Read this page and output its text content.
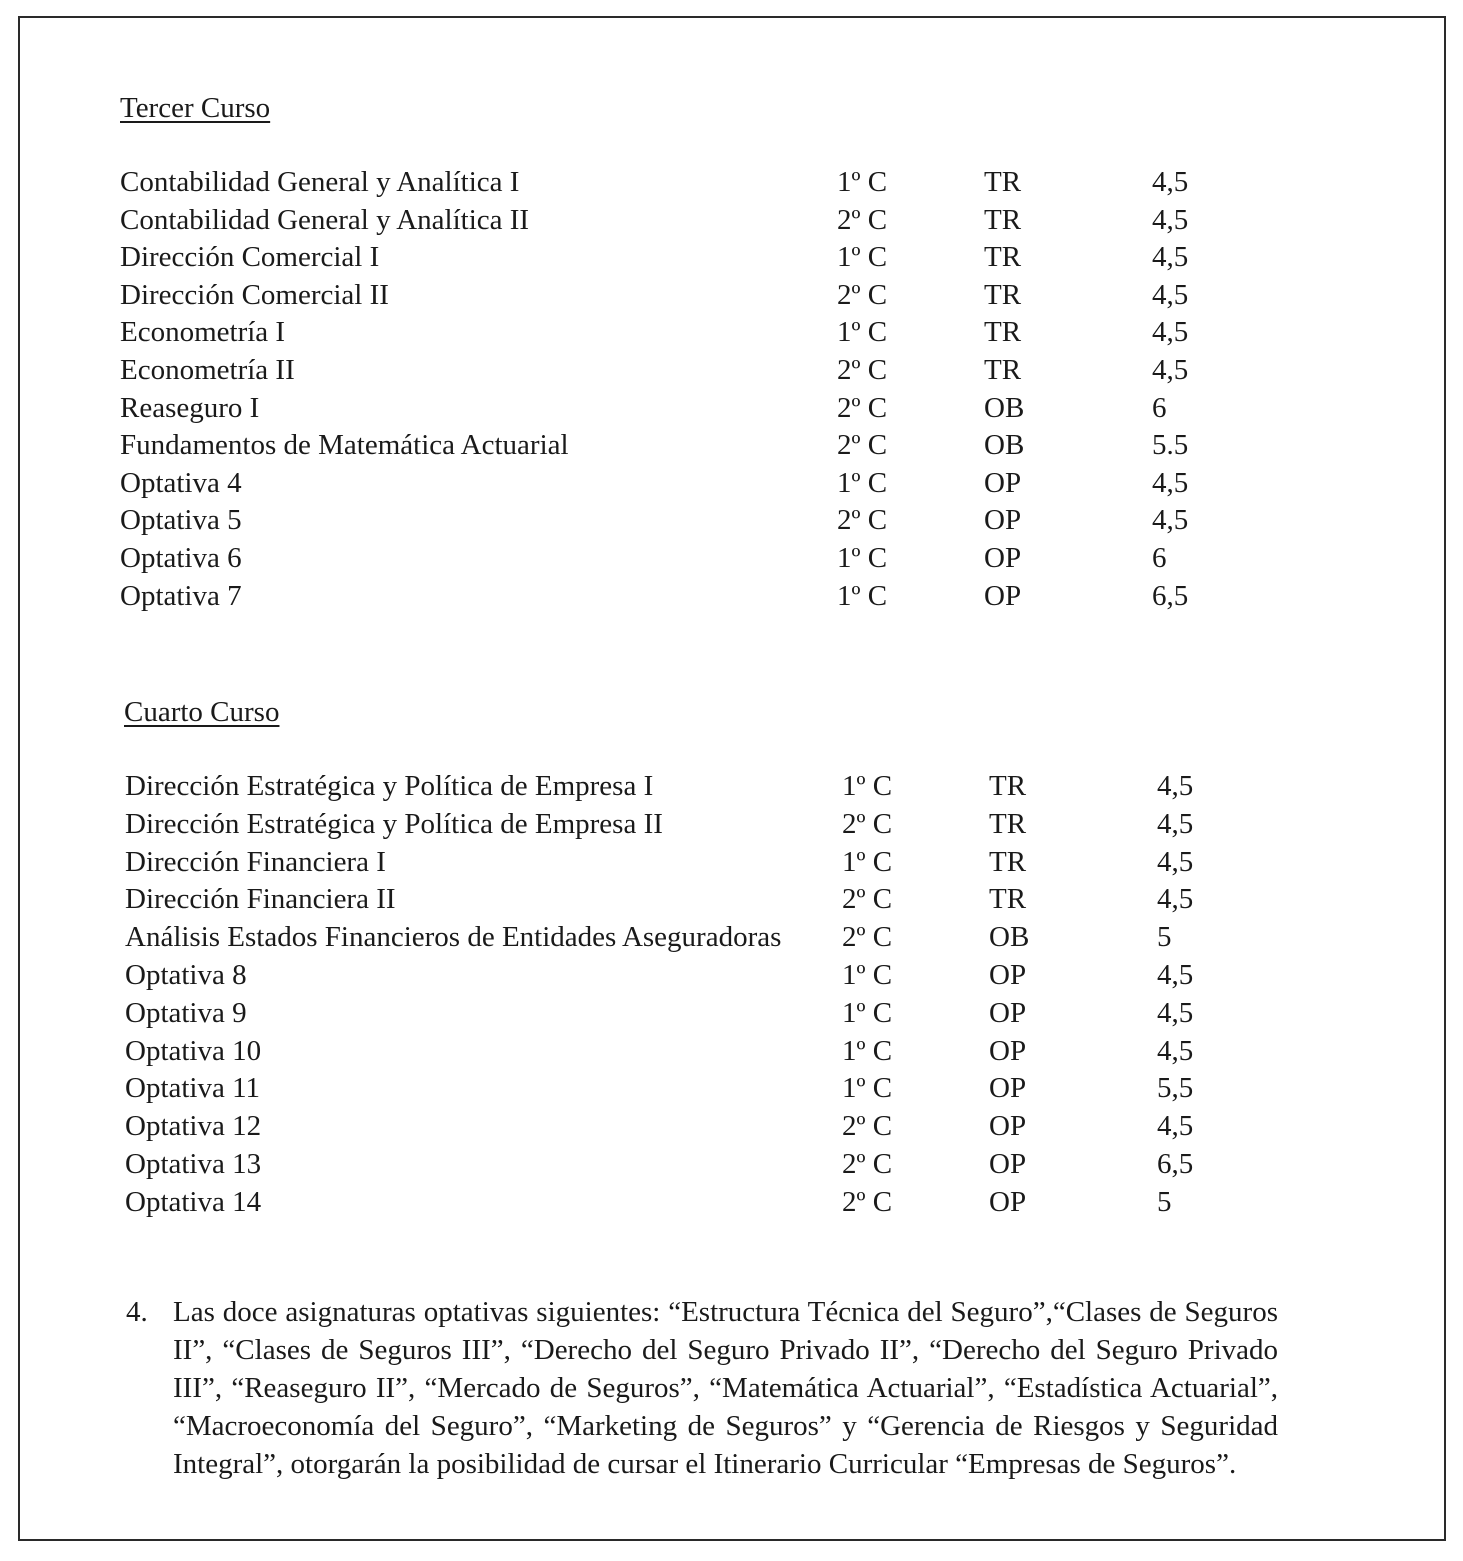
Tercer Curso
Contabilidad General y Analítica I	1º C	TR	4,5
Contabilidad General y Analítica II	2º C	TR	4,5
Dirección Comercial I	1º C	TR	4,5
Dirección Comercial II	2º C	TR	4,5
Econometría I	1º C	TR	4,5
Econometría II	2º C	TR	4,5
Reaseguro I	2º C	OB	6
Fundamentos de Matemática Actuarial	2º C	OB	5.5
Optativa 4	1º C	OP	4,5
Optativa 5	2º C	OP	4,5
Optativa 6	1º C	OP	6
Optativa 7	1º C	OP	6,5
Cuarto Curso
Dirección Estratégica y Política de Empresa I	1º C	TR	4,5
Dirección Estratégica y Política de Empresa II	2º C	TR	4,5
Dirección Financiera I	1º C	TR	4,5
Dirección Financiera II	2º C	TR	4,5
Análisis Estados Financieros de Entidades Aseguradoras 2º C	OB	5
Optativa 8	1º C	OP	4,5
Optativa 9	1º C	OP	4,5
Optativa 10	1º C	OP	4,5
Optativa 11	1º C	OP	5,5
Optativa 12	2º C	OP	4,5
Optativa 13	2º C	OP	6,5
Optativa 14	2º C	OP	5
4. Las doce asignaturas optativas siguientes: “Estructura Técnica del Seguro”,“Clases de Seguros II”, “Clases de Seguros III”, “Derecho del Seguro Privado II”, “Derecho del Seguro Privado III”, “Reaseguro II”, “Mercado de Seguros”, “Matemática Actuarial”, “Estadística Actuarial”, “Macroeconomía del Seguro”, “Marketing de Seguros” y “Gerencia de Riesgos y Seguridad Integral”, otorgarán la posibilidad de cursar el Itinerario Curricular “Empresas de Seguros”.
